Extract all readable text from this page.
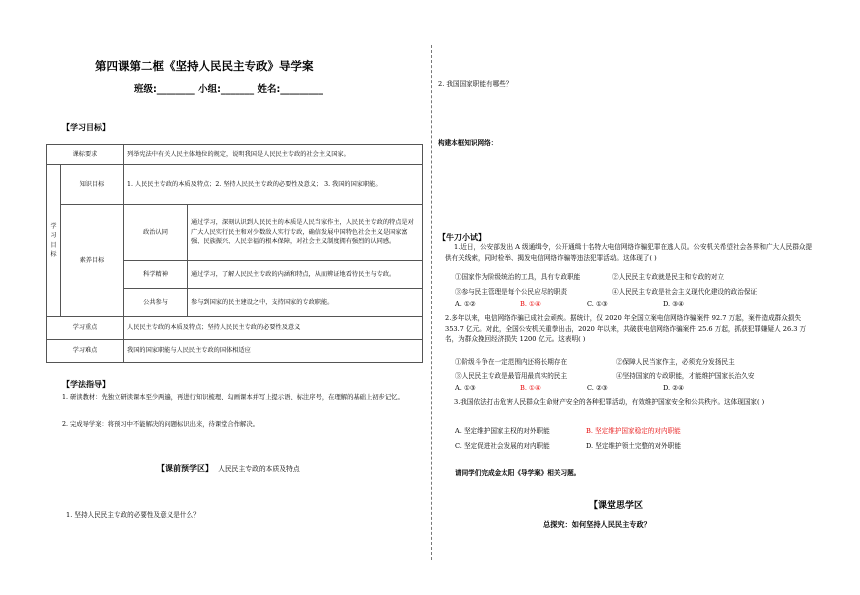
第四课第二框《坚持人民民主专政》导学案
班级:________ 小组:_______ 姓名:_________
【学习目标】
课标要求		列举宪法中有关人民主体地位的规定，说明我国是人民民主专政的社会主义国家。	
学习目标	知识目标	1. 人民民主专政的本质及特点；2. 坚持人民民主专政的必要性及意义； 3. 我国的国家职能。	
	素养目标	政治认同	通过学习，深刻认识到人民民主的本质是人民当家作主，人民民主专政的特点是对广大人民实行民主和对少数敌人实行专政，确信发展中国特色社会主义是国家富强、民族振兴、人民幸福的根本保障，对社会主义制度拥有强烈的认同感。
		科学精神	通过学习，了解人民民主专政的内涵和特点，从而辨证地看待民主与专政。
		公共参与	参与到国家的民主建设之中，支持国家的专政职能。
学习重点		人民民主专政的本质及特点；坚持人民民主专政的必要性及意义	
学习难点		我国的国家职能与人民民主专政的国体相适应	
【学法指导】
1. 研读教材：先独立研读课本至少两遍，再进行知识梳理、勾画课本并写上提示语、标注序号，在理解的基础上初步记忆。
2. 完成导学案：将预习中不能解决的问题标识出来，待课堂合作解决。
【课前预学区】 人民民主专政的本质及特点
1. 坚持人民民主专政的必要性及意义是什么？
2. 我国国家职能有哪些？
构建本框知识网络：
【牛刀小试】
1.近日，公安部发出 A 级通缉令，公开通缉十名特大电信网络诈骗犯罪在逃人员。公安机关希望社会各界和广大人民群众提供有关线索，同时检举、揭发电信网络诈骗等违法犯罪活动。这体现了( )
①国家作为阶级统治的工具，具有专政职能	②人民民主专政就是民主和专政的对立
③参与民主管理是每个公民应尽的职责	④人民民主专政是社会主义现代化建设的政治保证
A. ①②	B. ①④	C. ①③	D. ③④
2.多年以来，电信网络诈骗已成社会顽疾。据统计，仅 2020 年全国立案电信网络诈骗案件 92.7 万起，案件造成群众损失 353.7 亿元。对此，全国公安机关重拳出击，2020 年以来，共破获电信网络诈骗案件 25.6 万起，抓获犯罪嫌疑人 26.3 万名，为群众挽回经济损失 1200 亿元。这表明( )
①阶级斗争在一定范围内还将长期存在	②保障人民当家作主，必须充分发扬民主
③人民民主专政是最管用最真实的民主	④坚持国家的专政职能，才能维护国家长治久安
A. ①③	B. ①④	C. ②③	D. ②④
3.我国依法打击危害人民群众生命财产安全的各种犯罪活动，有效维护国家安全和公共秩序。这体现国家( )
A. 坚定维护国家主权的对外职能	B. 坚定维护国家稳定的对内职能
C. 坚定促进社会发展的对内职能	D. 坚定维护领土完整的对外职能
请同学们完成金太阳《导学案》相关习题。
【课堂思学区
总探究：如何坚持人民民主专政？
